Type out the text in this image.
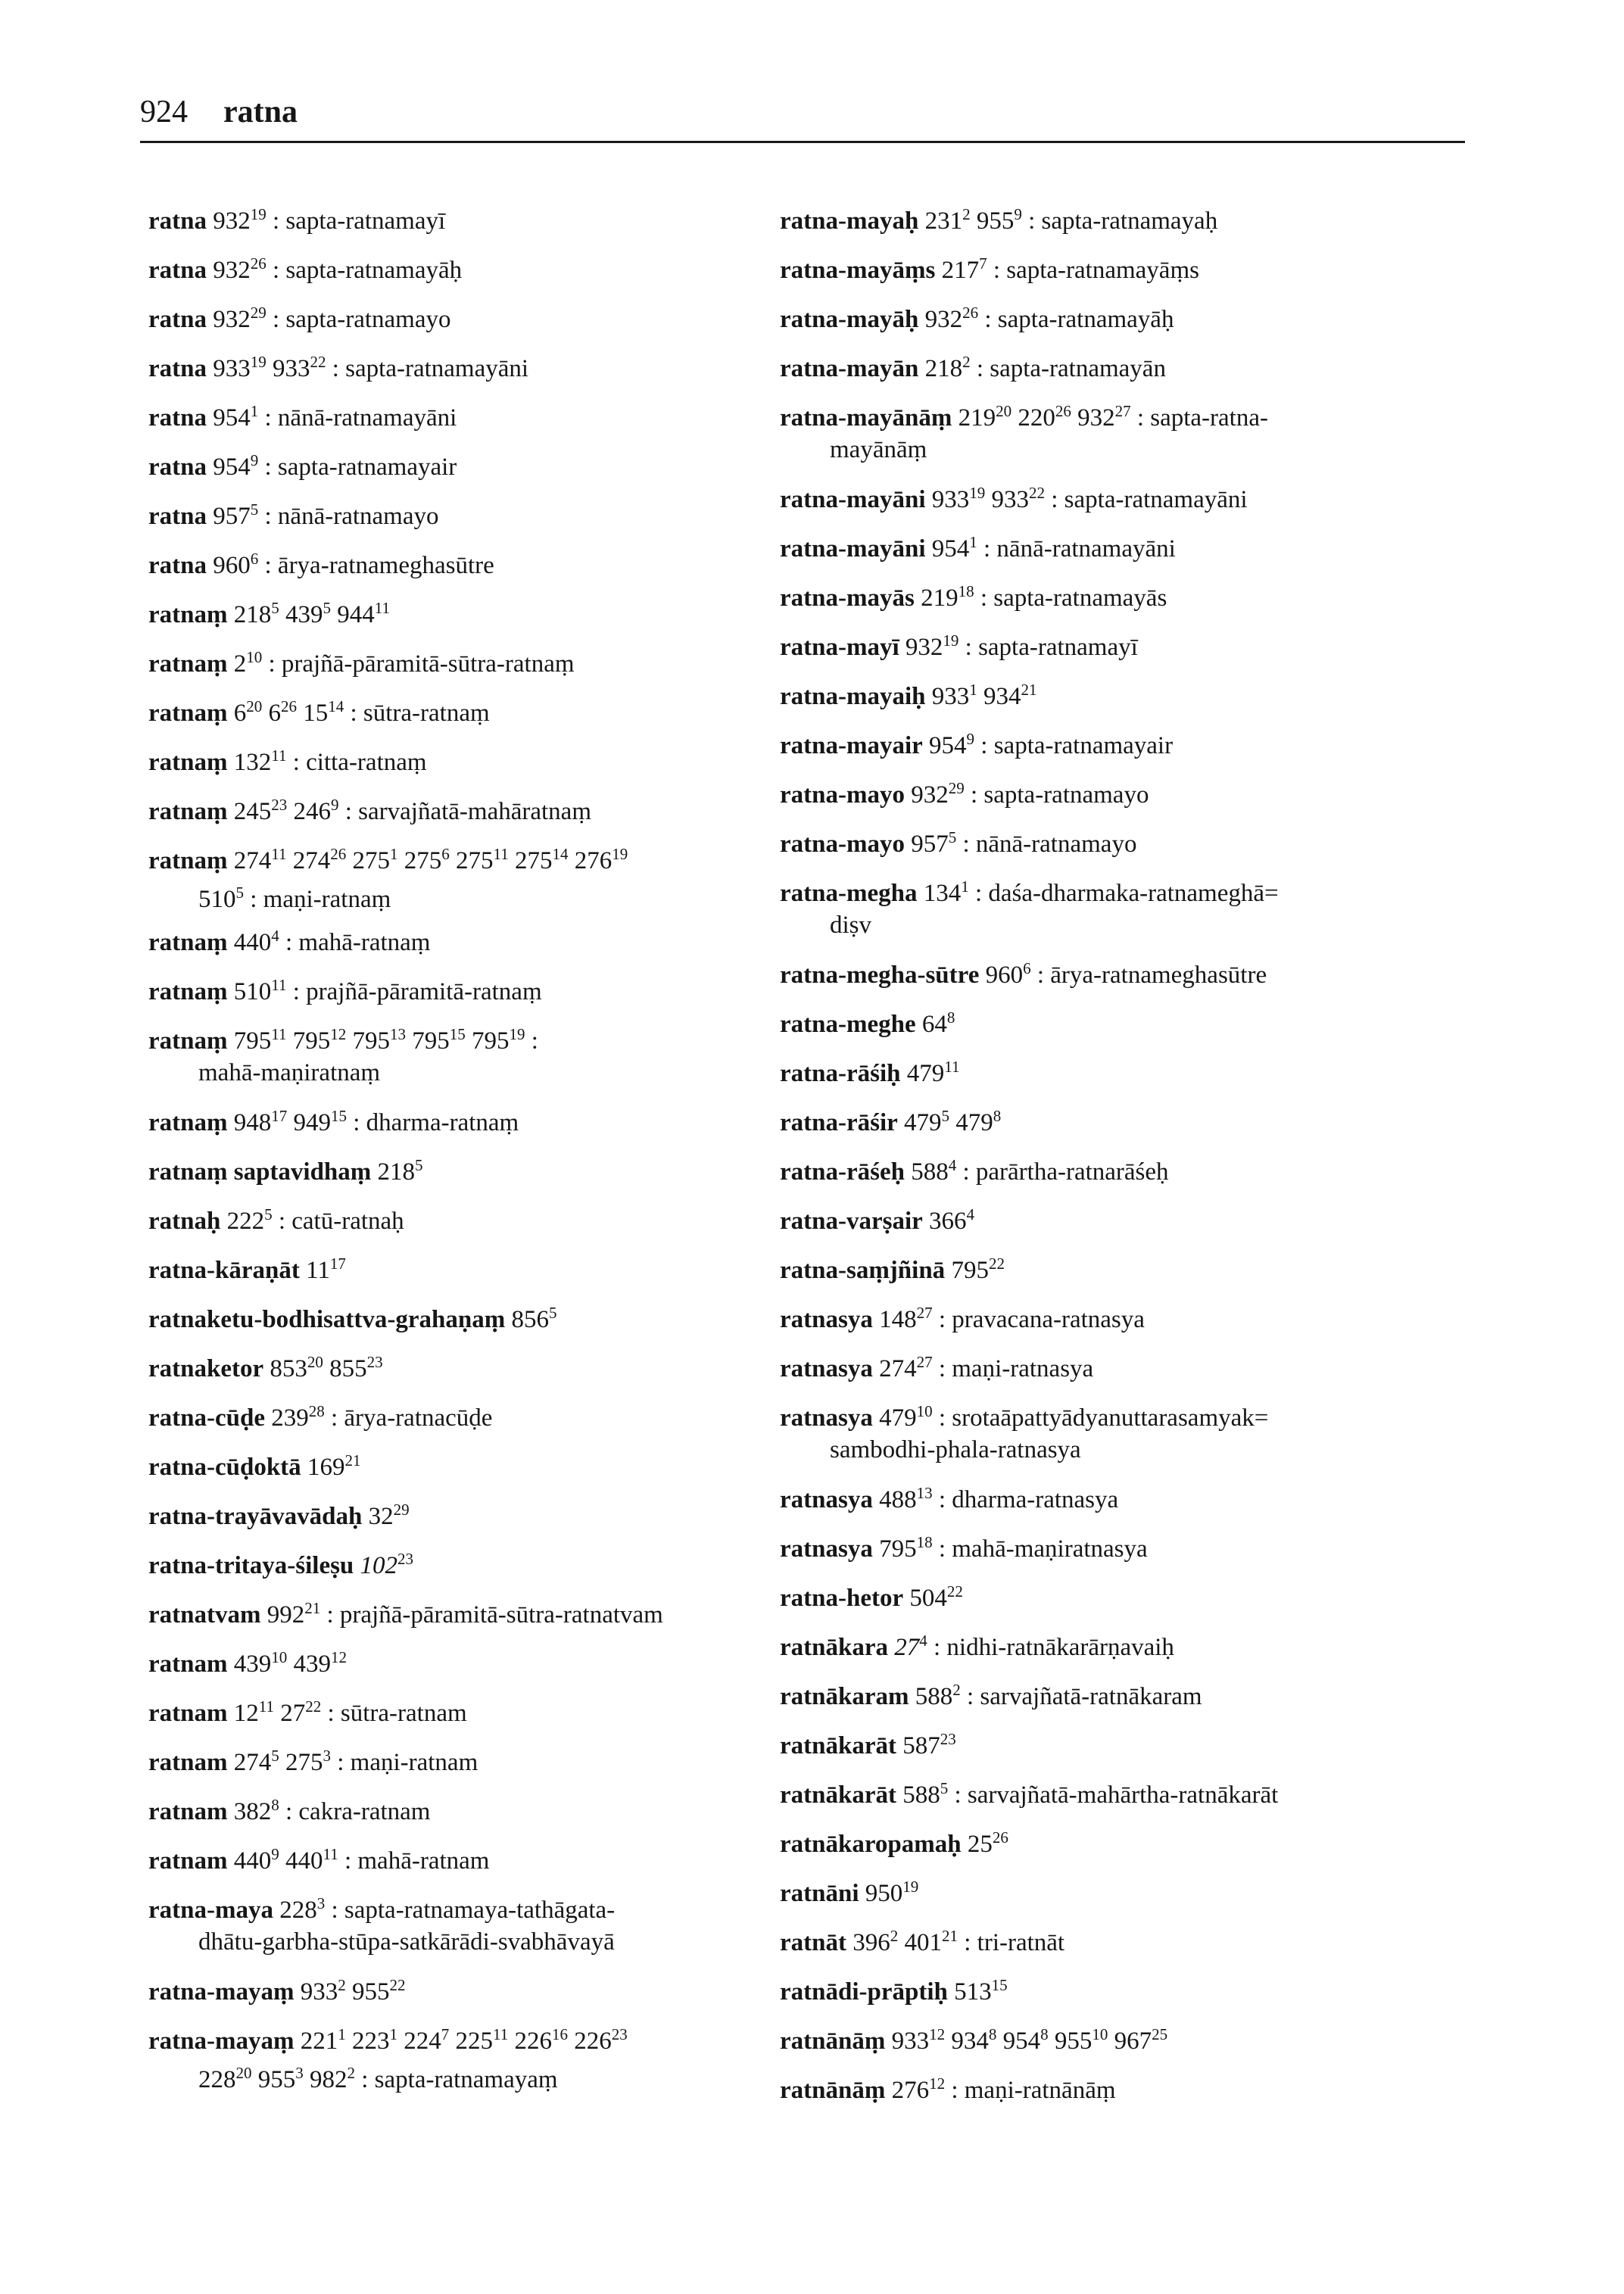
924 ratna
ratna $932^{19}$ : sapta-ratnamayī
ratna $932^{26}$ : sapta-ratnamayāḥ
ratna $932^{29}$ : sapta-ratnamayo
ratna $933^{19}$ $933^{22}$ : sapta-ratnamayāni
ratna $954^1$ : nānā-ratnamayāni
ratna $954^9$ : sapta-ratnamayair
ratna $957^5$ : nānā-ratnamayo
ratna $960^6$ : ārya-ratnameghasūtre
ratnaṃ $218^5$ $439^5$ $944^{11}$
ratnaṃ $2^{10}$ : prajñā-pāramitā-sūtra-ratnaṃ
ratnaṃ $6^{20}$ $6^{26}$ $15^{14}$ : sūtra-ratnaṃ
ratnaṃ $132^{11}$ : citta-ratnaṃ
ratnaṃ $245^{23}$ $246^9$ : sarvajñatā-mahāratnaṃ
ratnaṃ $274^{11}$ $274^{26}$ $275^1$ $275^6$ $275^{11}$ $275^{14}$ $276^{19}$
$510^5$ : maṇi-ratnaṃ
ratnaṃ $440^4$ : mahā-ratnaṃ
ratnaṃ $510^{11}$ : prajñā-pāramitā-ratnaṃ
ratnaṃ $795^{11}$ $795^{12}$ $795^{13}$ $795^{15}$ $795^{19}$ :
mahā-maṇiratnaṃ
ratnaṃ $948^{17}$ $949^{15}$ : dharma-ratnaṃ
ratnaṃ saptavidhaṃ $218^5$
ratnaḥ $222^5$ : catū-ratnaḥ
ratna-kāraṇāt $11^{17}$
ratnaketu-bodhisattva-grahaṇaṃ $856^5$
ratnaketor $853^{20}$ $855^{23}$
ratna-cūḍe $239^{28}$ : ārya-ratnacūḍe
ratna-cūḍoktā $169^{21}$
ratna-trayāvavādaḥ $32^{29}$
ratna-tritaya-śileṣu $102^{23}$
ratnatvam $992^{21}$ : prajñā-pāramitā-sūtra-ratnatvam
ratnam $439^{10}$ $439^{12}$
ratnam $12^{11}$ $27^{22}$ : sūtra-ratnam
ratnam $274^5$ $275^3$ : maṇi-ratnam
ratnam $382^8$ : cakra-ratnam
ratnam $440^9$ $440^{11}$ : mahā-ratnam
ratna-maya $228^3$ : sapta-ratnamaya-tathāgata-
dhātu-garbha-stūpa-satkārādi-svabhāvayā
ratna-mayaṃ $933^2$ $955^{22}$
ratna-mayaṃ $221^1$ $223^1$ $224^7$ $225^{11}$ $226^{16}$ $226^{23}$
$228^{20}$ $955^3$ $982^2$ : sapta-ratnamayaṃ
ratna-mayaḥ $231^2$ $955^9$ : sapta-ratnamayaḥ
ratna-mayāṃs $217^7$ : sapta-ratnamayāṃs
ratna-mayāḥ $932^{26}$ : sapta-ratnamayāḥ
ratna-mayān $218^2$ : sapta-ratnamayān
ratna-mayānāṃ $219^{20}$ $220^{26}$ $932^{27}$ : sapta-ratna-
mayānāṃ
ratna-mayāni $933^{19}$ $933^{22}$ : sapta-ratnamayāni
ratna-mayāni $954^1$ : nānā-ratnamayāni
ratna-mayās $219^{18}$ : sapta-ratnamayās
ratna-mayī $932^{19}$ : sapta-ratnamayī
ratna-mayaiḥ $933^1$ $934^{21}$
ratna-mayair $954^9$ : sapta-ratnamayair
ratna-mayo $932^{29}$ : sapta-ratnamayo
ratna-mayo $957^5$ : nānā-ratnamayo
ratna-megha $134^1$ : daśa-dharmaka-ratnameghā=
diṣv
ratna-megha-sūtre $960^6$ : ārya-ratnameghasūtre
ratna-meghe $64^8$
ratna-rāśiḥ $479^{11}$
ratna-rāśir $479^5$ $479^8$
ratna-rāśeḥ $588^4$ : parārtha-ratnarāśeḥ
ratna-varṣair $366^4$
ratna-saṃjñinā $795^{22}$
ratnasya $148^{27}$ : pravacana-ratnasya
ratnasya $274^{27}$ : maṇi-ratnasya
ratnasya $479^{10}$ : srotaāpattyādyanuttarasamyak=
sambodhi-phala-ratnasya
ratnasya $488^{13}$ : dharma-ratnasya
ratnasya $795^{18}$ : mahā-maṇiratnasya
ratna-hetor $504^{22}$
ratnākara $27^4$ : nidhi-ratnākarārṇavaiḥ
ratnākaram $588^2$ : sarvajñatā-ratnākaram
ratnākarāt $587^{23}$
ratnākarāt $588^5$ : sarvajñatā-mahārtha-ratnākarāt
ratnākaropamaḥ $25^{26}$
ratnāni $950^{19}$
ratnāt $396^2$ $401^{21}$ : tri-ratnāt
ratnādi-prāptiḥ $513^{15}$
ratnānāṃ $933^{12}$ $934^8$ $954^8$ $955^{10}$ $967^{25}$
ratnānāṃ $276^{12}$ : maṇi-ratnānāṃ
